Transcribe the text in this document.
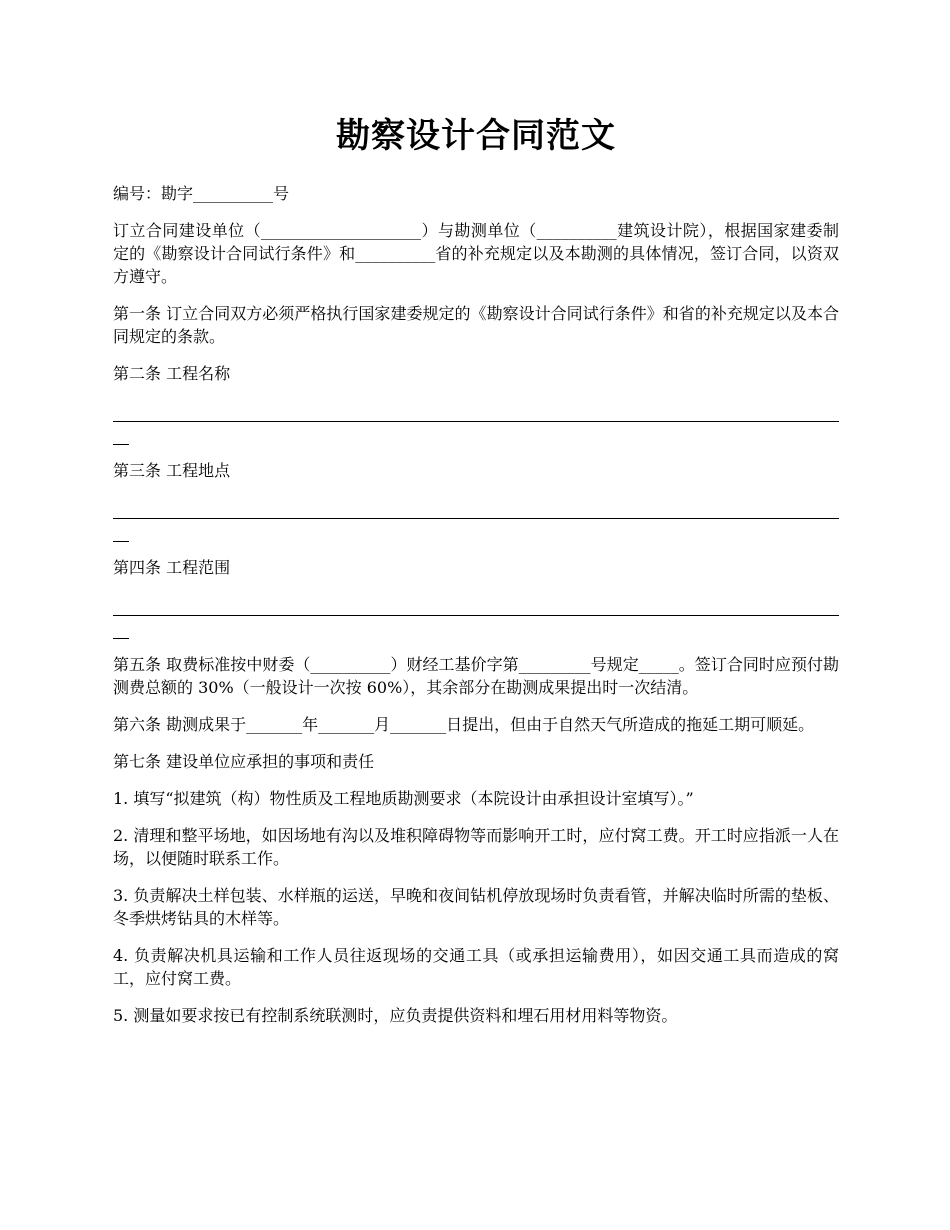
勘察设计合同范文

编号：勘字__________号

订立合同建设单位（____________________）与勘测单位（__________建筑设计院），根据国家建委制定的《勘察设计合同试行条件》和__________省的补充规定以及本勘测的具体情况，签订合同，以资双方遵守。

第一条 订立合同双方必须严格执行国家建委规定的《勘察设计合同试行条件》和省的补充规定以及本合同规定的条款。

第二条 工程名称

第三条 工程地点

第四条 工程范围

第五条 取费标准按中财委（__________）财经工基价字第_________号规定_____。签订合同时应预付勘测费总额的 30%（一般设计一次按 60%），其余部分在勘测成果提出时一次结清。

第六条 勘测成果于_______年_______月_______日提出，但由于自然天气所造成的拖延工期可顺延。

第七条 建设单位应承担的事项和责任

1. 填写“拟建筑（构）物性质及工程地质勘测要求（本院设计由承担设计室填写）。”

2. 清理和整平场地，如因场地有沟以及堆积障碍物等而影响开工时，应付窝工费。开工时应指派一人在场，以便随时联系工作。

3. 负责解决土样包装、水样瓶的运送，早晚和夜间钻机停放现场时负责看管，并解决临时所需的垫板、冬季烘烤钻具的木样等。

4. 负责解决机具运输和工作人员往返现场的交通工具（或承担运输费用），如因交通工具而造成的窝工，应付窝工费。

5. 测量如要求按已有控制系统联测时，应负责提供资料和埋石用材用料等物资。
